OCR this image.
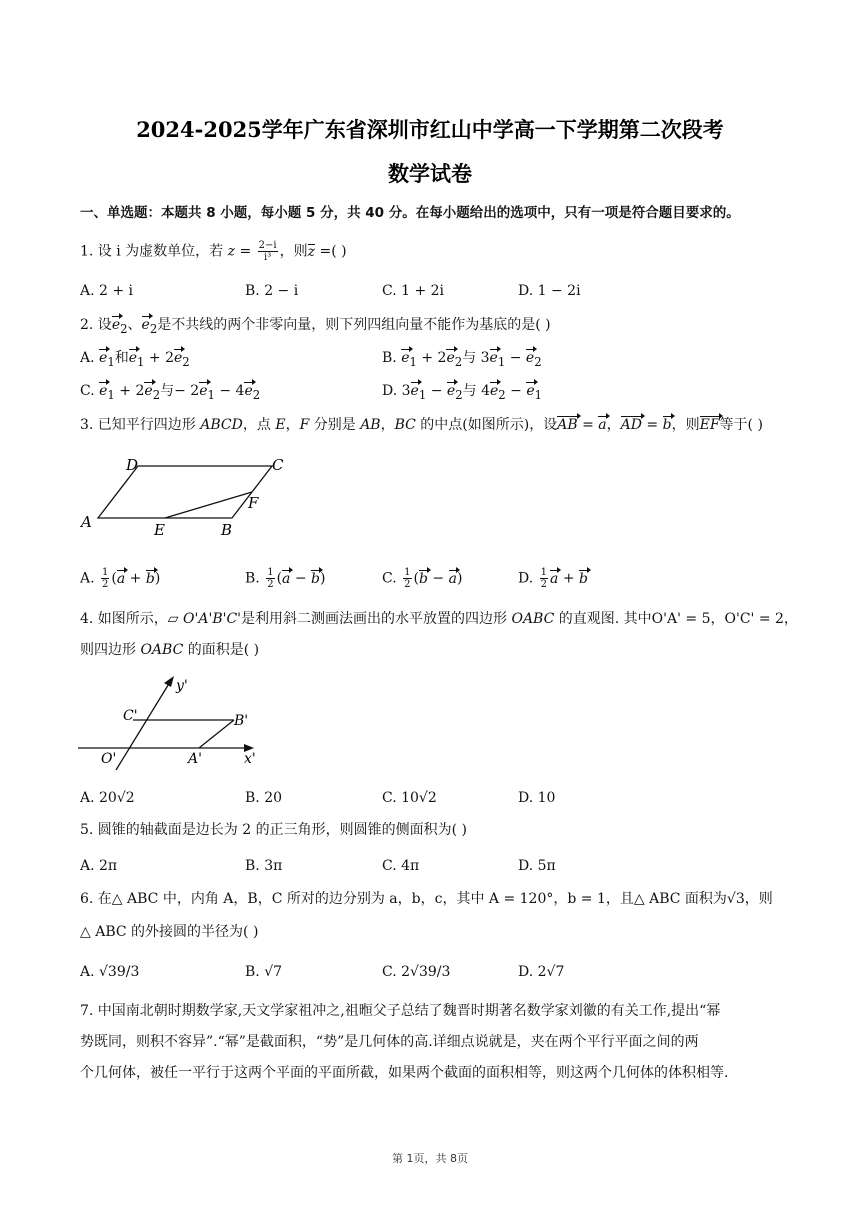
2024-2025学年广东省深圳市红山中学高一下学期第二次段考
数学试卷
一、单选题：本题共 8 小题，每小题 5 分，共 40 分。在每小题给出的选项中，只有一项是符合题目要求的。
1. 设 i 为虚数单位，若 $z = \frac{2-i}{\text{i³}}$ ，则z =( )
A. 2 + i	B. 2 − i	C. 1 + 2i	D. 1 − 2i
2. 设$e_2$、$e_2$是不共线的两个非零向量，则下列四组向量不能作为基底的是( )
A. $e_1$和$e_1 + 2e_2$	B. $e_1 + 2e_2$与 $3e_1 - e_2$
C. $e_1 + 2e_2$与− $2e_1 - 4e_2$	D. $3e_1 - e_2$与 $4e_2 - e_1$
3. 已知平行四边形 ABCD，点 E，F 分别是 AB，BC 的中点(如图所示)，设AB = a，AD = b，则EF等于( )
A
D	C
F
E	B
A. $\frac{1}{2} (a + b)$	B. $\frac{1}{2} (a - b)$	C. $\frac{1}{2} (b - a)$	D. $\frac{1}{2}$ a + b
4. 如图所示，▱ O'A'B'C'是利用斜二测画法画出的水平放置的四边形 OABC 的直观图. 其中O'A' = 5，O'C' = 2，
则四边形 OABC 的面积是( )
y'
C'	B'
O'	A'	x'
A. 20√2	B. 20	C. 10√2	D. 10
5. 圆锥的轴截面是边长为 2 的正三角形，则圆锥的侧面积为( )
A. 2π	B. 3π	C. 4π	D. 5π
6. 在△ ABC 中，内角 A，B，C 所对的边分别为 a，b，c，其中 A = 120°，b = 1，且△ ABC 面积为√3，则
△ ABC 的外接圆的半径为( )
A. √39/3	B. √7	C. 2√39/3	D. 2√7
7. 中国南北朝时期数学家,天文学家祖冲之,祖暅父子总结了魏晋时期著名数学家刘徽的有关工作,提出“幂
势既同，则积不容异”.“幂”是截面积，“势”是几何体的高.详细点说就是，夹在两个平行平面之间的两
个几何体，被任一平行于这两个平面的平面所截，如果两个截面的面积相等，则这两个几何体的体积相等.
第 1页，共 8页
